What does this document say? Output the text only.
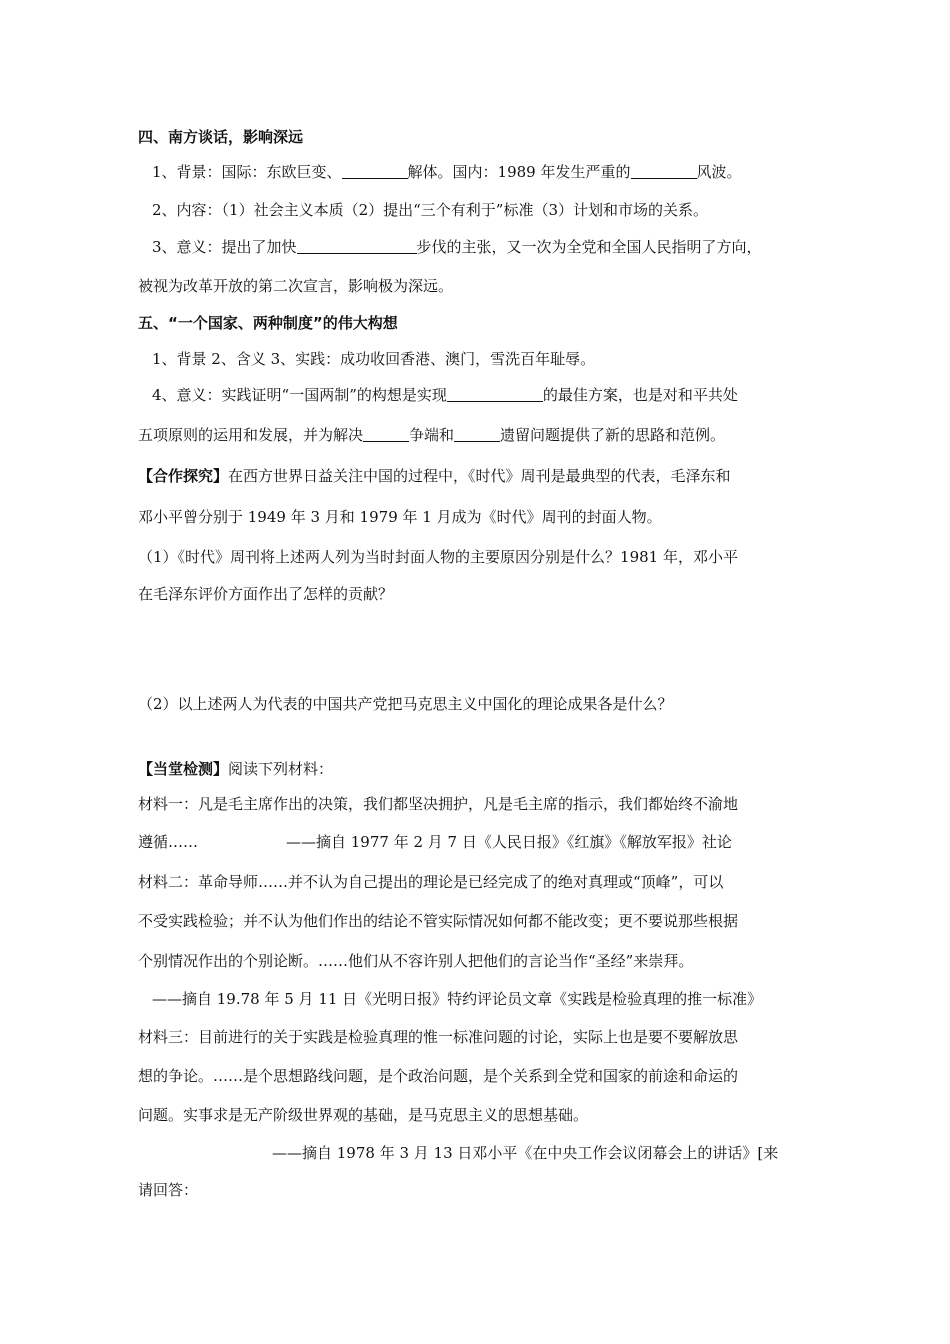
四、南方谈话，影响深远
1、背景：国际：东欧巨变、	解体。国内：1989 年发生严重的	风波。
2、内容：（1）社会主义本质（2）提出“三个有利于”标准（3）计划和市场的关系。
3、意义：提出了加快	步伐的主张，又一次为全党和全国人民指明了方向，
被视为改革开放的第二次宣言，影响极为深远。
五、“一个国家、两种制度”的伟大构想
1、背景 2、含义 3、实践：成功收回香港、澳门，雪洗百年耻辱。
4、意义：实践证明“一国两制”的构想是实现	的最佳方案，也是对和平共处
五项原则的运用和发展，并为解决	争端和	遗留问题提供了新的思路和范例。
【合作探究】在西方世界日益关注中国的过程中，《时代》周刊是最典型的代表，毛泽东和
邓小平曾分别于 1949 年 3 月和 1979 年 1 月成为《时代》周刊的封面人物。
（1）《时代》周刊将上述两人列为当时封面人物的主要原因分别是什么？1981 年，邓小平
在毛泽东评价方面作出了怎样的贡献？
（2）以上述两人为代表的中国共产党把马克思主义中国化的理论成果各是什么？
【当堂检测】阅读下列材料：
材料一：凡是毛主席作出的决策，我们都坚决拥护，凡是毛主席的指示，我们都始终不渝地
遵循……	——摘自 1977 年 2 月 7 日《人民日报》《红旗》《解放军报》社论
材料二：革命导师……并不认为自己提出的理论是已经完成了的绝对真理或“顶峰”，可以
不受实践检验；并不认为他们作出的结论不管实际情况如何都不能改变；更不要说那些根据
个别情况作出的个别论断。……他们从不容许别人把他们的言论当作“圣经”来崇拜。
——摘自 19.78 年 5 月 11 日《光明日报》特约评论员文章《实践是检验真理的推一标准》
材料三：目前进行的关于实践是检验真理的惟一标准问题的讨论，实际上也是要不要解放思
想的争论。……是个思想路线问题，是个政治问题，是个关系到全党和国家的前途和命运的
问题。实事求是无产阶级世界观的基础，是马克思主义的思想基础。
——摘自 1978 年 3 月 13 日邓小平《在中央工作会议闭幕会上的讲话》[来
请回答：
